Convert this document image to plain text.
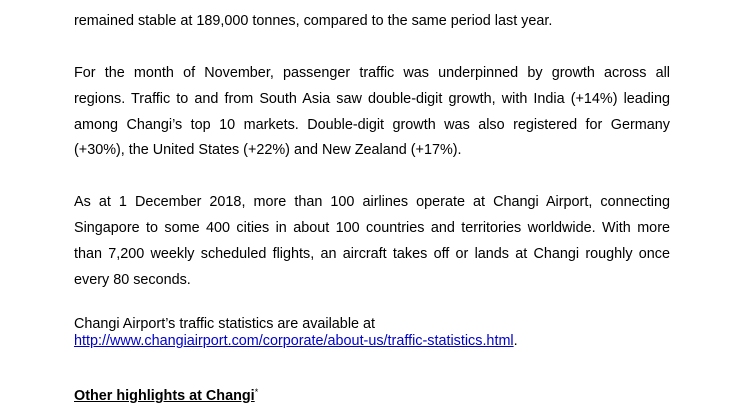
remained stable at 189,000 tonnes, compared to the same period last year.
For the month of November, passenger traffic was underpinned by growth across all
regions. Traffic to and from South Asia saw double-digit growth, with India (+14%) leading
among Changi’s top 10 markets. Double-digit growth was also registered for Germany
(+30%), the United States (+22%) and New Zealand (+17%).
As at 1 December 2018, more than 100 airlines operate at Changi Airport, connecting
Singapore to some 400 cities in about 100 countries and territories worldwide. With more
than 7,200 weekly scheduled flights, an aircraft takes off or lands at Changi roughly once
every 80 seconds.
Changi Airport’s traffic statistics are available at
http://www.changiairport.com/corporate/about-us/traffic-statistics.html.
Other highlights at Changi*
